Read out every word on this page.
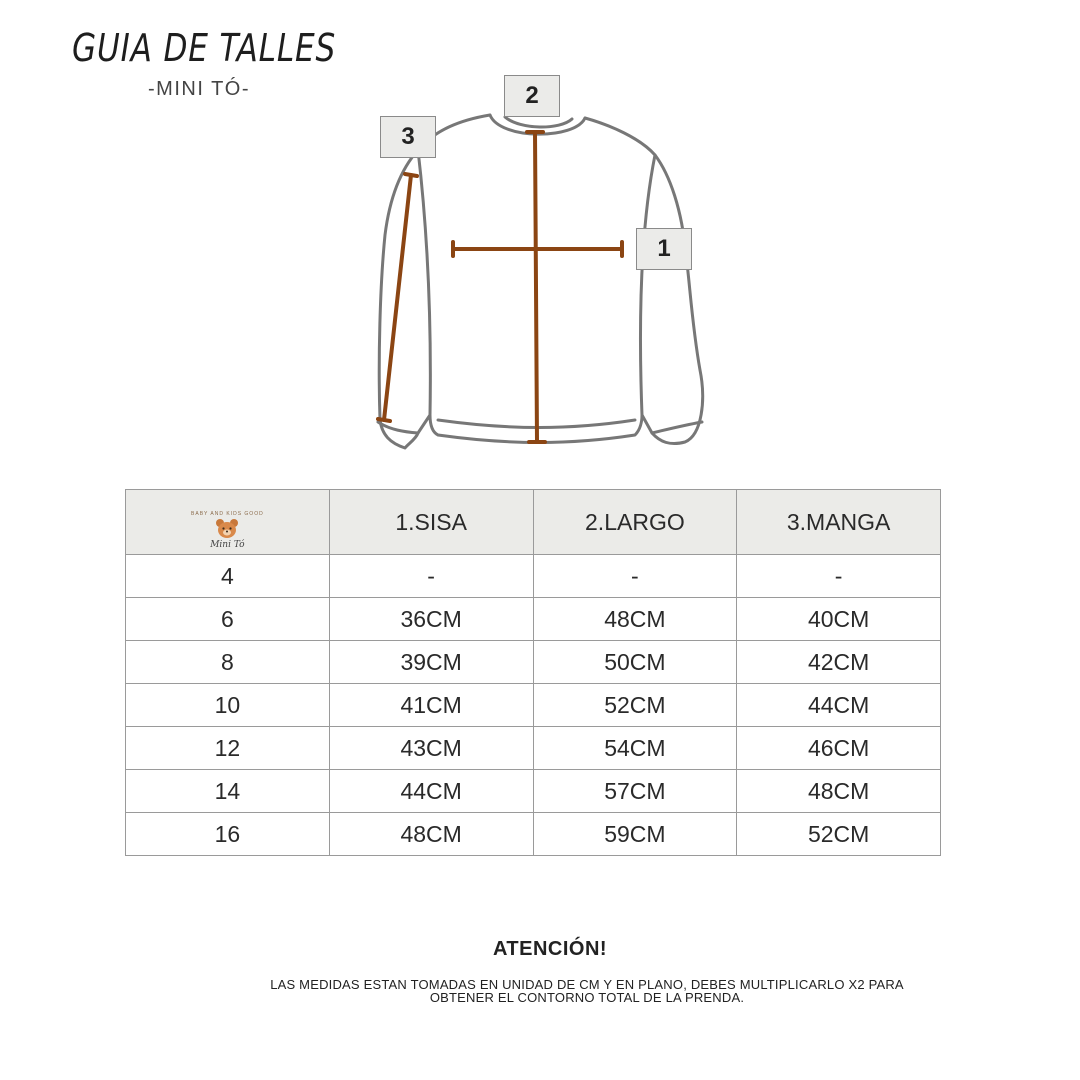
GUIA DE TALLES
-MINI TÓ-	2
3
1
BABY AND KIDS GOOD
Mini Tó	1.SISA	2.LARGO	3.MANGA
4	-	-	-
6	36CM	48CM	40CM
8	39CM	50CM	42CM
10	41CM	52CM	44CM
12	43CM	54CM	46CM
14	44CM	57CM	48CM
16	48CM	59CM	52CM
ATENCIÓN!
LAS MEDIDAS ESTAN TOMADAS EN UNIDAD DE CM Y EN PLANO, DEBES MULTIPLICARLO X2 PARA
OBTENER EL CONTORNO TOTAL DE LA PRENDA.
